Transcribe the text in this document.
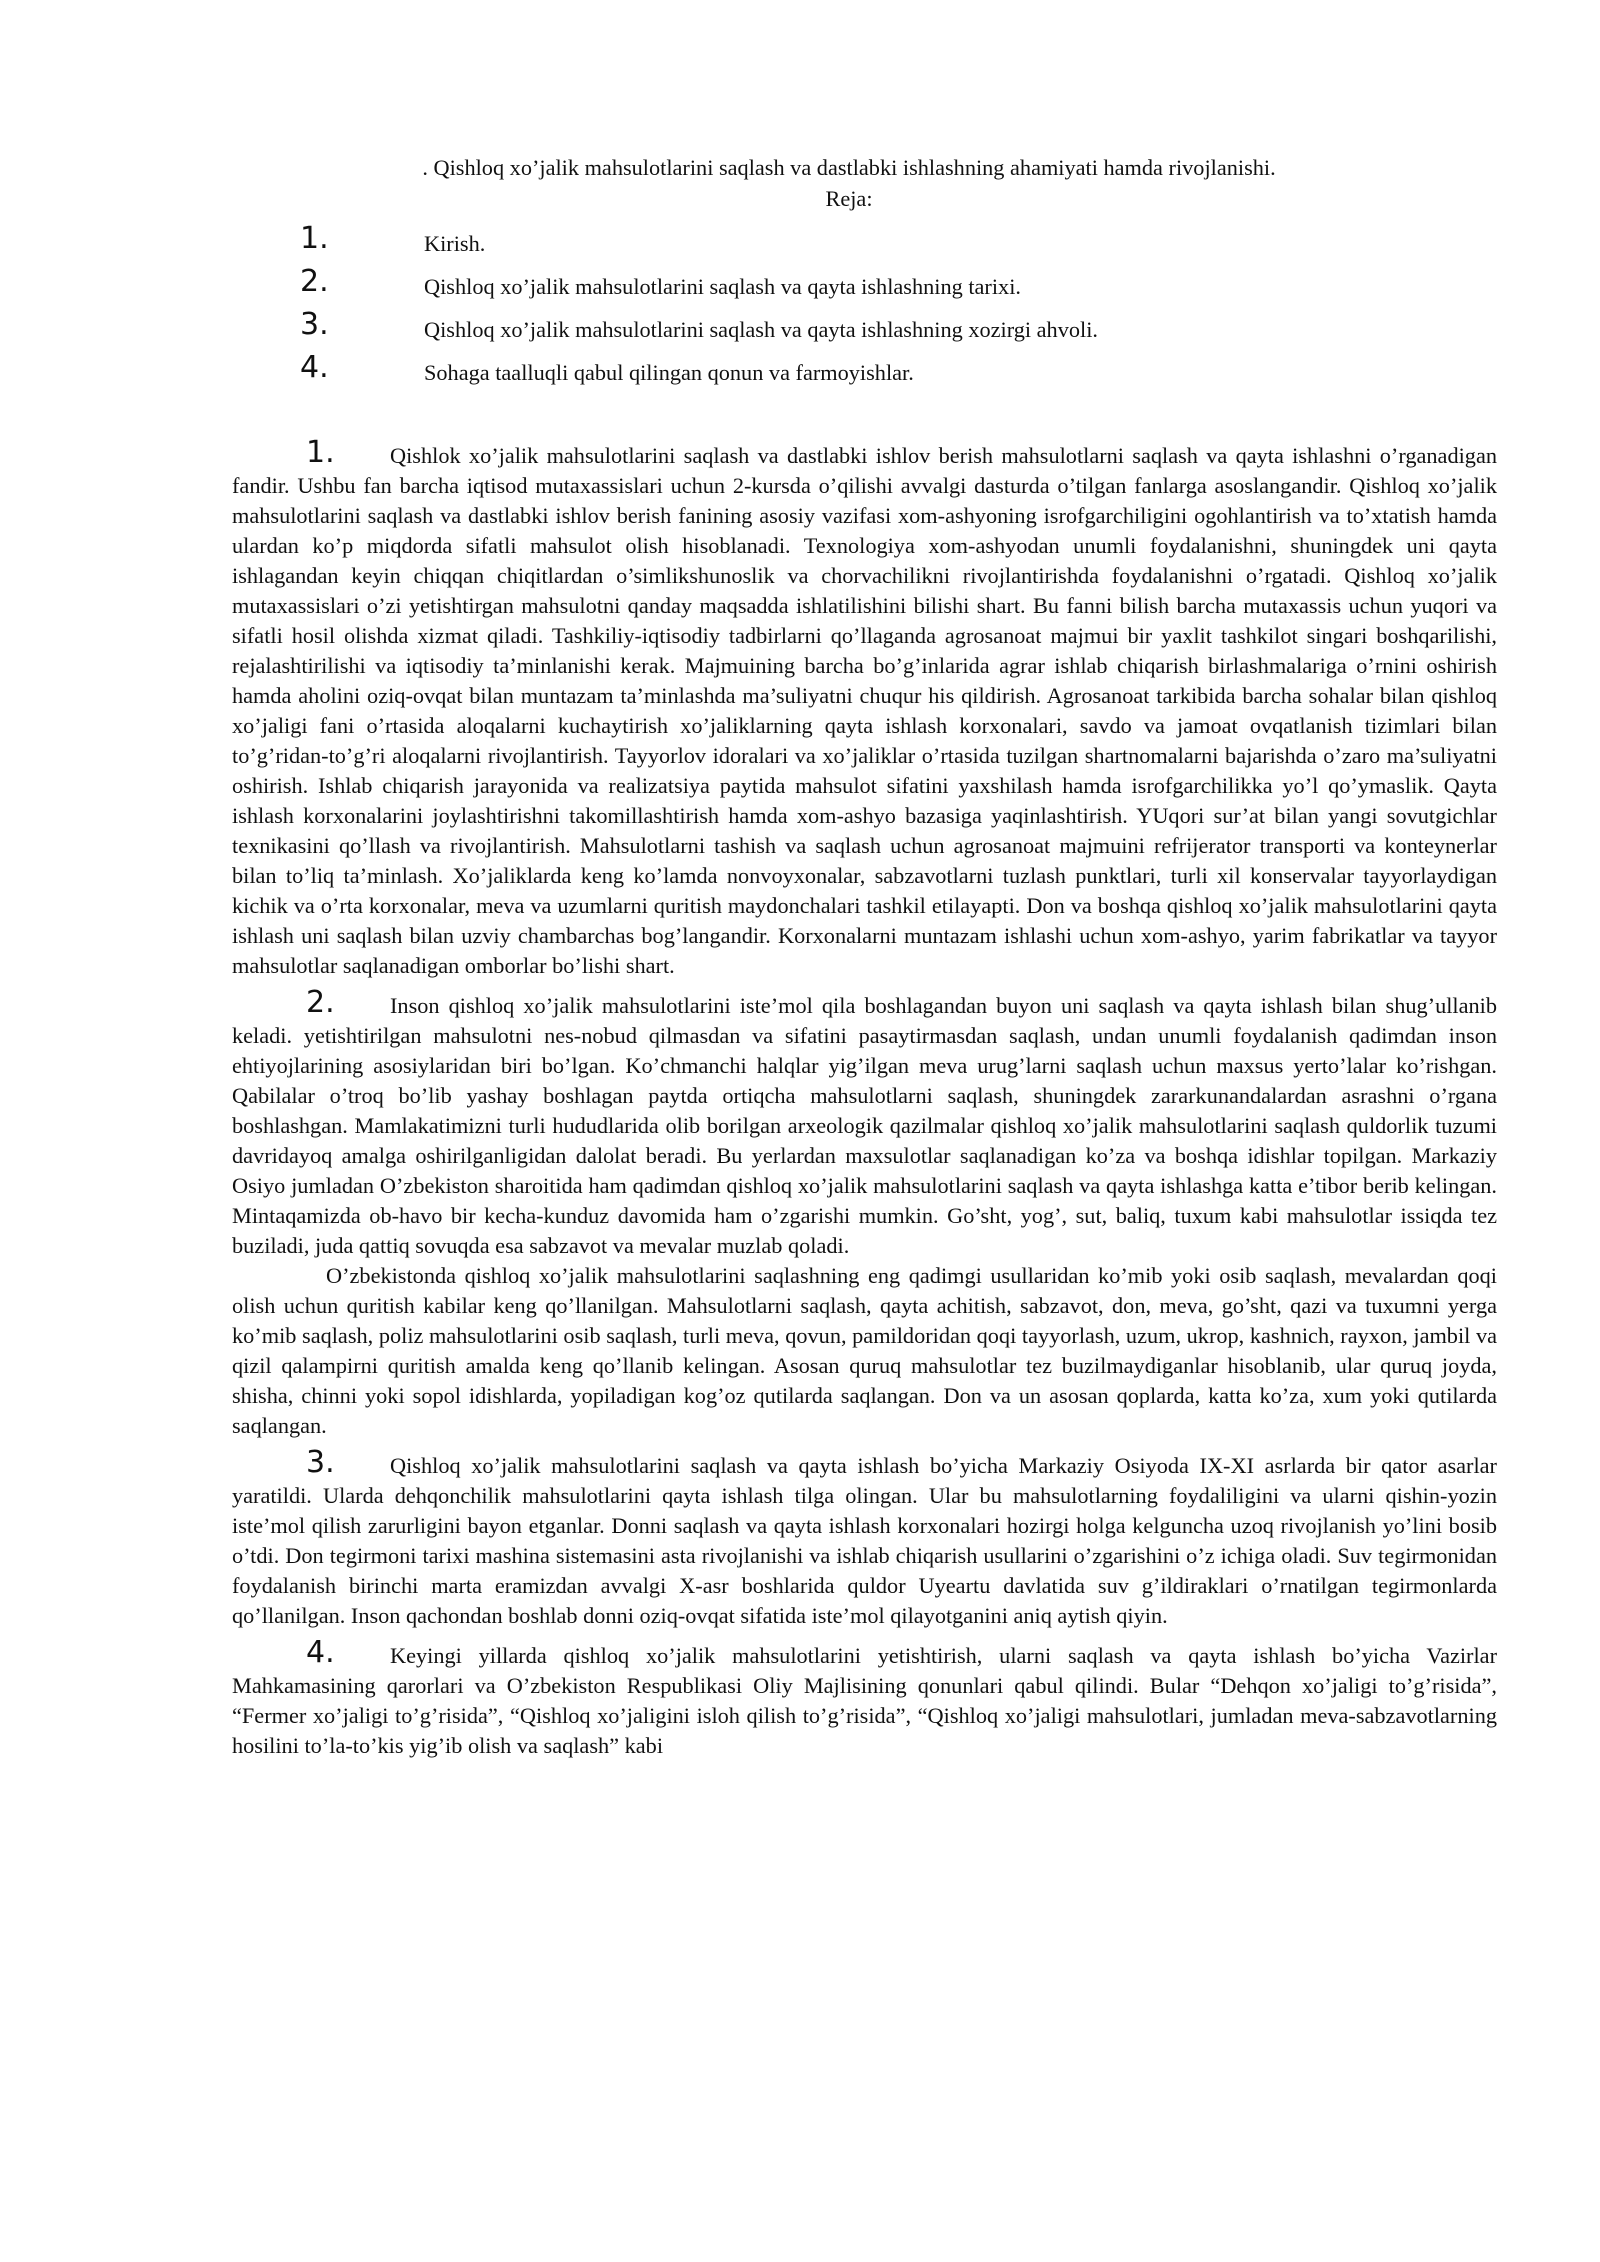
. Qishloq xo’jalik mahsulotlarini saqlash va dastlabki ishlashning ahamiyati hamda rivojlanishi.
Reja:
1.	Kirish.
2.	Qishloq xo’jalik mahsulotlarini saqlash va qayta ishlashning tarixi.
3.	Qishloq xo’jalik mahsulotlarini saqlash va qayta ishlashning xozirgi ahvoli.
4.	Sohaga taalluqli qabul qilingan qonun va farmoyishlar.

1. Qishlok xo’jalik mahsulotlarini saqlash va dastlabki ishlov berish mahsulotlarni saqlash va qayta ishlashni o’rganadigan fandir. Ushbu fan barcha iqtisod mutaxassislari uchun 2-kursda o’qilishi avvalgi dasturda o’tilgan fanlarga asoslangandir. Qishloq xo’jalik mahsulotlarini saqlash va dastlabki ishlov berish fanining asosiy vazifasi xom-ashyoning isrofgarchiligini ogohlantirish va to’xtatish hamda ulardan ko’p miqdorda sifatli mahsulot olish hisoblanadi. Texnologiya xom-ashyodan unumli foydalanishni, shuningdek uni qayta ishlagandan keyin chiqqan chiqitlardan o’simlikshunoslik va chorvachilikni rivojlantirishda foydalanishni o’rgatadi. Qishloq xo’jalik mutaxassislari o’zi yetishtirgan mahsulotni qanday maqsadda ishlatilishini bilishi shart. Bu fanni bilish barcha mutaxassis uchun yuqori va sifatli hosil olishda xizmat qiladi. Tashkiliy-iqtisodiy tadbirlarni qo’llaganda agrosanoat majmui bir yaxlit tashkilot singari boshqarilishi, rejalashtirilishi va iqtisodiy ta’minlanishi kerak. Majmuining barcha bo’g’inlarida agrar ishlab chiqarish birlashmalariga o’rnini oshirish hamda aholini oziq-ovqat bilan muntazam ta’minlashda ma’suliyatni chuqur his qildirish. Agrosanoat tarkibida barcha sohalar bilan qishloq xo’jaligi fani o’rtasida aloqalarni kuchaytirish xo’jaliklarning qayta ishlash korxonalari, savdo va jamoat ovqatlanish tizimlari bilan to’g’ridan-to’g’ri aloqalarni rivojlantirish. Tayyorlov idoralari va xo’jaliklar o’rtasida tuzilgan shartnomalarni bajarishda o’zaro ma’suliyatni oshirish. Ishlab chiqarish jarayonida va realizatsiya paytida mahsulot sifatini yaxshilash hamda isrofgarchilikka yo’l qo’ymaslik. Qayta ishlash korxonalarini joylashtirishni takomillashtirish hamda xom-ashyo bazasiga yaqinlashtirish. YUqori sur’at bilan yangi sovutgichlar texnikasini qo’llash va rivojlantirish. Mahsulotlarni tashish va saqlash uchun agrosanoat majmuini refrijerator transporti va konteynerlar bilan to’liq ta’minlash. Xo’jaliklarda keng ko’lamda nonvoyxonalar, sabzavotlarni tuzlash punktlari, turli xil konservalar tayyorlaydigan kichik va o’rta korxonalar, meva va uzumlarni quritish maydonchalari tashkil etilayapti. Don va boshqa qishloq xo’jalik mahsulotlarini qayta ishlash uni saqlash bilan uzviy chambarchas bog’langandir. Korxonalarni muntazam ishlashi uchun xom-ashyo, yarim fabrikatlar va tayyor mahsulotlar saqlanadigan omborlar bo’lishi shart.

2. Inson qishloq xo’jalik mahsulotlarini iste’mol qila boshlagandan buyon uni saqlash va qayta ishlash bilan shug’ullanib keladi. yetishtirilgan mahsulotni nes-nobud qilmasdan va sifatini pasaytirmasdan saqlash, undan unumli foydalanish qadimdan inson ehtiyojlarining asosiylaridan biri bo’lgan. Ko’chmanchi halqlar yig’ilgan meva urug’larni saqlash uchun maxsus yerto’lalar ko’rishgan. Qabilalar o’troq bo’lib yashay boshlagan paytda ortiqcha mahsulotlarni saqlash, shuningdek zararkunandalardan asrashni o’rgana boshlashgan. Mamlakatimizni turli hududlarida olib borilgan arxeologik qazilmalar qishloq xo’jalik mahsulotlarini saqlash quldorlik tuzumi davridayoq amalga oshirilganligidan dalolat beradi. Bu yerlardan maxsulotlar saqlanadigan ko’za va boshqa idishlar topilgan. Markaziy Osiyo jumladan O’zbekiston sharoitida ham qadimdan qishloq xo’jalik mahsulotlarini saqlash va qayta ishlashga katta e’tibor berib kelingan. Mintaqamizda ob-havo bir kecha-kunduz davomida ham o’zgarishi mumkin. Go’sht, yog’, sut, baliq, tuxum kabi mahsulotlar issiqda tez buziladi, juda qattiq sovuqda esa sabzavot va mevalar muzlab qoladi.

O’zbekistonda qishloq xo’jalik mahsulotlarini saqlashning eng qadimgi usullaridan ko’mib yoki osib saqlash, mevalardan qoqi olish uchun quritish kabilar keng qo’llanilgan. Mahsulotlarni saqlash, qayta achitish, sabzavot, don, meva, go’sht, qazi va tuxumni yerga ko’mib saqlash, poliz mahsulotlarini osib saqlash, turli meva, qovun, pamildoridan qoqi tayyorlash, uzum, ukrop, kashnich, rayxon, jambil va qizil qalampirni quritish amalda keng qo’llanib kelingan. Asosan quruq mahsulotlar tez buzilmaydiganlar hisoblanib, ular quruq joyda, shisha, chinni yoki sopol idishlarda, yopiladigan kog’oz qutilarda saqlangan. Don va un asosan qoplarda, katta ko’za, xum yoki qutilarda saqlangan.

3. Qishloq xo’jalik mahsulotlarini saqlash va qayta ishlash bo’yicha Markaziy Osiyoda IX-XI asrlarda bir qator asarlar yaratildi. Ularda dehqonchilik mahsulotlarini qayta ishlash tilga olingan. Ular bu mahsulotlarning foydaliligini va ularni qishin-yozin iste’mol qilish zarurligini bayon etganlar. Donni saqlash va qayta ishlash korxonalari hozirgi holga kelguncha uzoq rivojlanish yo’lini bosib o’tdi. Don tegirmoni tarixi mashina sistemasini asta rivojlanishi va ishlab chiqarish usullarini o’zgarishini o’z ichiga oladi. Suv tegirmonidan foydalanish birinchi marta eramizdan avvalgi X-asr boshlarida quldor Uyeartu davlatida suv g’ildiraklari o’rnatilgan tegirmonlarda qo’llanilgan. Inson qachondan boshlab donni oziq-ovqat sifatida iste’mol qilayotganini aniq aytish qiyin.

4. Keyingi yillarda qishloq xo’jalik mahsulotlarini yetishtirish, ularni saqlash va qayta ishlash bo’yicha Vazirlar Mahkamasining qarorlari va O’zbekiston Respublikasi Oliy Majlisining qonunlari qabul qilindi. Bular “Dehqon xo’jaligi to’g’risida”, “Fermer xo’jaligi to’g’risida”, “Qishloq xo’jaligini isloh qilish to’g’risida”, “Qishloq xo’jaligi mahsulotlari, jumladan meva-sabzavotlarning hosilini to’la-to’kis yig’ib olish va saqlash” kabi
